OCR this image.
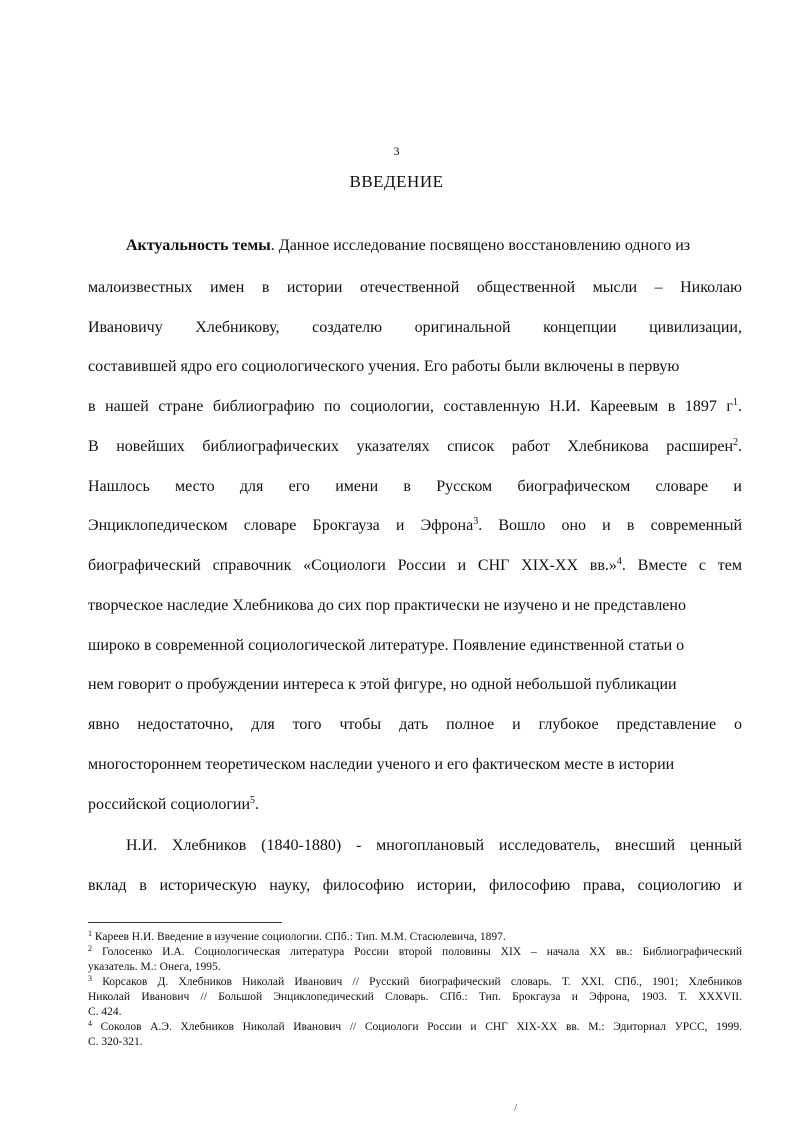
3
ВВЕДЕНИЕ
Актуальность темы. Данное исследование посвящено восстановлению одного из
малоизвестных имен в истории отечественной общественной мысли – Николаю
Ивановичу Хлебникову, создателю оригинальной концепции цивилизации,
составившей ядро его социологического учения. Его работы были включены в первую
в нашей стране библиографию по социологии, составленную Н.И. Кареевым в 1897 $г^1$.
В новейших библиографических указателях список работ Хлебникова расширен$^2$.
Нашлось место для его имени в Русском биографическом словаре и
Энциклопедическом словаре Брокгауза и Эфрона$^3$. Вошло оно и в современный
биографический справочник «Социологи России и СНГ XIX-XX вв.»$^4$. Вместе с тем
творческое наследие Хлебникова до сих пор практически не изучено и не представлено
широко в современной социологической литературе. Появление единственной статьи о
нем говорит о пробуждении интереса к этой фигуре, но одной небольшой публикации
явно недостаточно, для того чтобы дать полное и глубокое представление о
многостороннем теоретическом наследии ученого и его фактическом месте в истории
российской социологии$^5$.
Н.И. Хлебников (1840-1880) - многоплановый исследователь, внесший ценный
вклад в историческую науку, философию истории, философию права, социологию и
$^1$ Кареев Н.И. Введение в изучение социологии. СПб.: Тип. М.М. Стасюлевича, 1897.
$^2$ Голосенко И.А. Социологическая литература России второй половины XIX – начала XX вв.: Библиографический
указатель. М.: Онега, 1995.
$^3$ Корсаков Д. Хлебников Николай Иванович // Русский биографический словарь. Т. XXI. СПб., 1901; Хлебников
Николай Иванович // Большой Энциклопедический Словарь. СПб.: Тип. Брокгауза и Эфрона, 1903. Т. XXXVII.
С. 424.
$^4$ Соколов А.Э. Хлебников Николай Иванович // Социологи России и СНГ XIX-XX вв. М.: Эдиториал УРСС, 1999.
С. 320-321.
/
